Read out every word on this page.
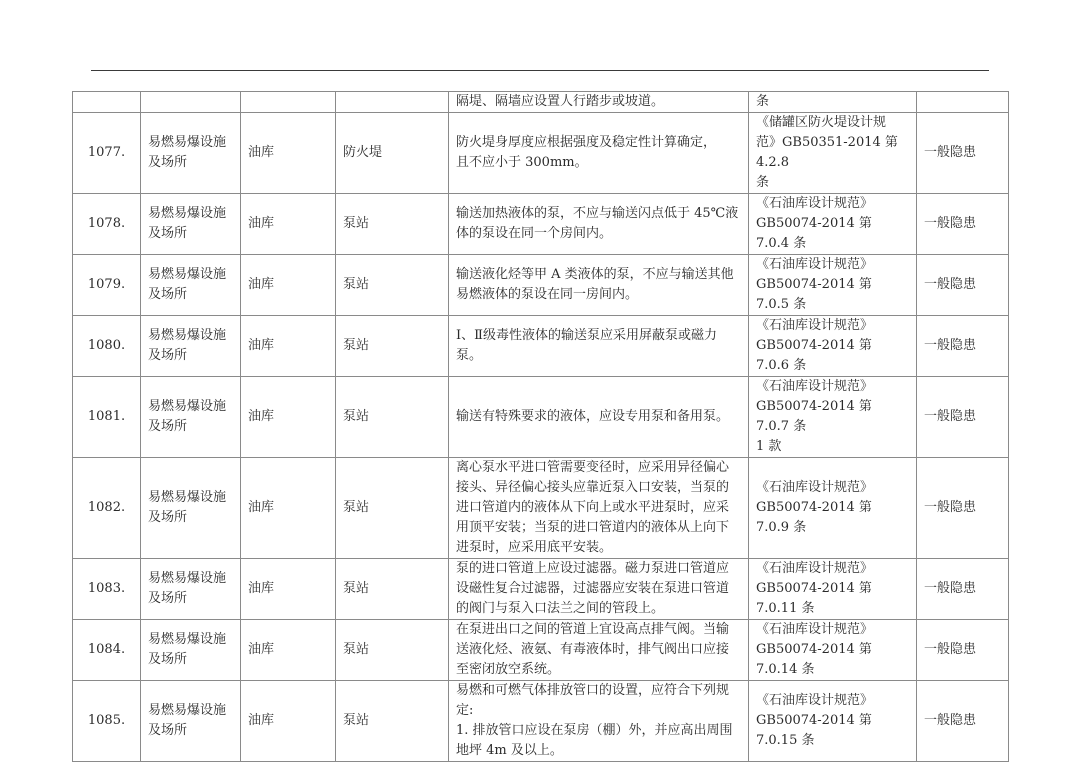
				隔堤、隔墙应设置人行踏步或坡道。	条	

1077.	易燃易爆设施
及场所	油库	防火堤	防火堤身厚度应根据强度及稳定性计算确定，
且不应小于 300mm。	《储罐区防火堤设计规
范》GB50351-2014 第 4.2.8
条	一般隐患

1078.	易燃易爆设施
及场所	油库	泵站	输送加热液体的泵，不应与输送闪点低于 45℃液
体的泵设在同一个房间内。	《石油库设计规范》
GB50074-2014 第 7.0.4 条	一般隐患

1079.	易燃易爆设施
及场所	油库	泵站	输送液化烃等甲 A 类液体的泵，不应与输送其他
易燃液体的泵设在同一房间内。	《石油库设计规范》
GB50074-2014 第 7.0.5 条	一般隐患

1080.	易燃易爆设施
及场所	油库	泵站	Ⅰ、Ⅱ级毒性液体的输送泵应采用屏蔽泵或磁力
泵。	《石油库设计规范》
GB50074-2014 第 7.0.6 条	一般隐患

1081.	易燃易爆设施
及场所	油库	泵站	输送有特殊要求的液体，应设专用泵和备用泵。	《石油库设计规范》
GB50074-2014 第 7.0.7 条
1 款	一般隐患

1082.	易燃易爆设施
及场所	油库	泵站	离心泵水平进口管需要变径时，应采用异径偏心
接头、异径偏心接头应靠近泵入口安装，当泵的
进口管道内的液体从下向上或水平进泵时，应采
用顶平安装；当泵的进口管道内的液体从上向下
进泵时，应采用底平安装。	《石油库设计规范》
GB50074-2014 第 7.0.9 条	一般隐患

1083.	易燃易爆设施
及场所	油库	泵站	泵的进口管道上应设过滤器。磁力泵进口管道应
设磁性复合过滤器，过滤器应安装在泵进口管道
的阀门与泵入口法兰之间的管段上。	《石油库设计规范》
GB50074-2014 第 7.0.11 条	一般隐患

1084.	易燃易爆设施
及场所	油库	泵站	在泵进出口之间的管道上宜设高点排气阀。当输
送液化烃、液氨、有毒液体时，排气阀出口应接
至密闭放空系统。	《石油库设计规范》
GB50074-2014 第 7.0.14 条	一般隐患

1085.	易燃易爆设施
及场所	油库	泵站	易燃和可燃气体排放管口的设置，应符合下列规
定:
1. 排放管口应设在泵房（棚）外，并应高出周围
地坪 4m 及以上。	《石油库设计规范》
GB50074-2014 第 7.0.15 条	一般隐患
